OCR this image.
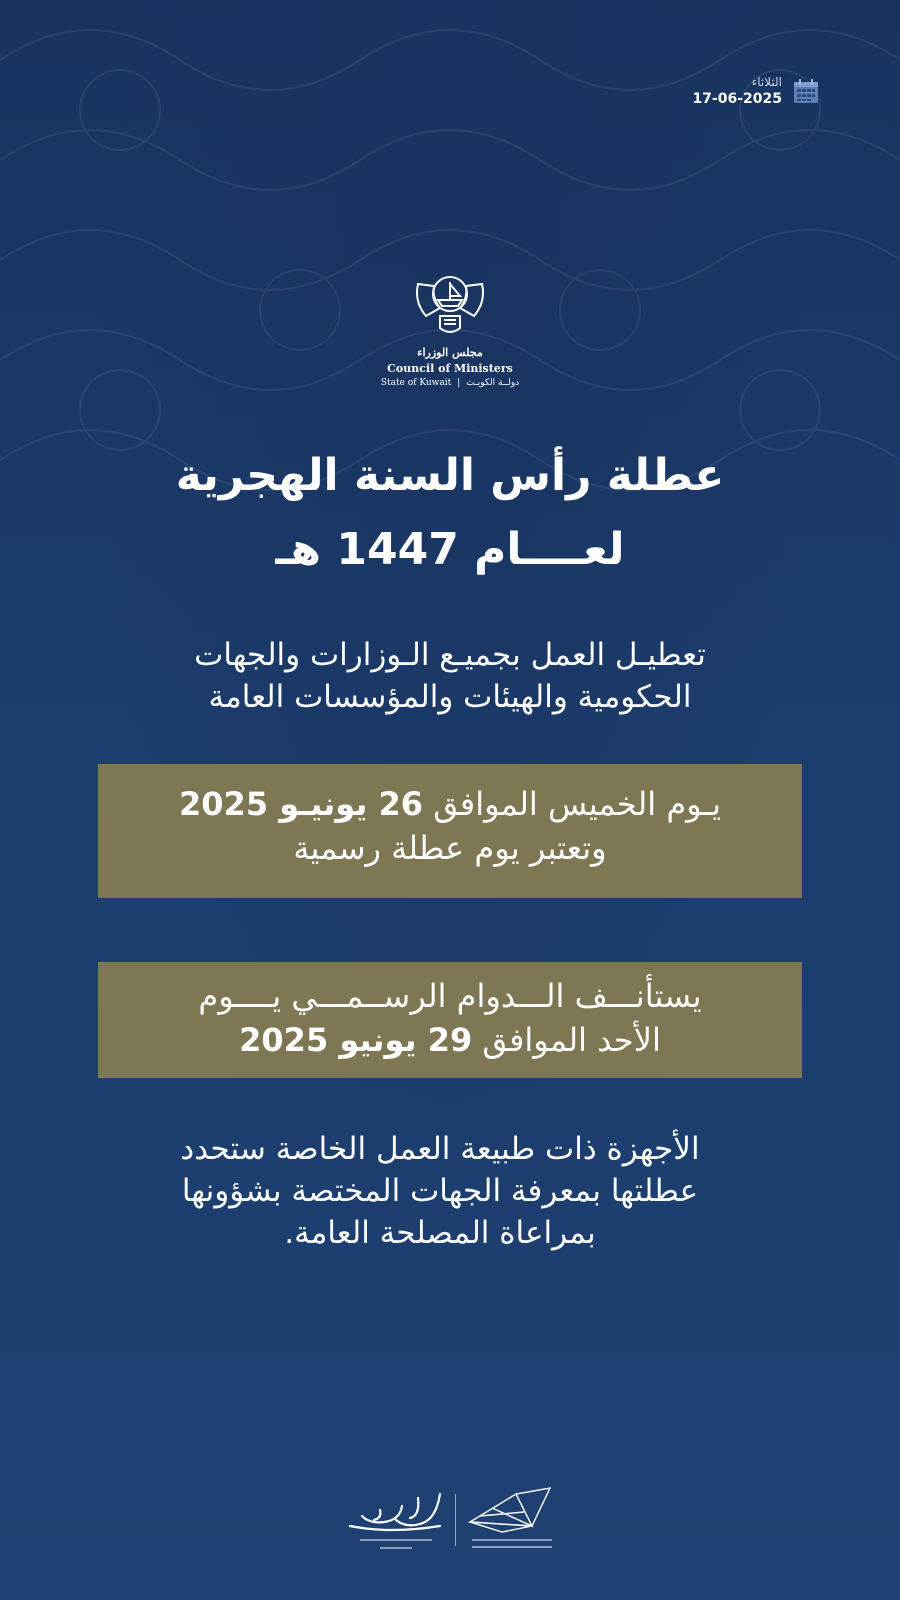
الثلاثاء
17-06-2025
مجلس الوزراء
Council of Ministers
State of Kuwait | دولــة الكويـت
عطلة رأس السنة الهجرية
لعــــام 1447 هـ
تعطيـل العمل بجميـع الـوزارات والجهات
الحكومية والهيئات والمؤسسات العامة
يـوم الخميس الموافق 26 يونيـو 2025
وتعتبر يوم عطلة رسمية
يستأنـــف الـــدوام الرســمـــي يــــوم
الأحد الموافق 29 يونيو 2025
الأجهزة ذات طبيعة العمل الخاصة ستحدد
عطلتها بمعرفة الجهات المختصة بشؤونها
بمراعاة المصلحة العامة.
